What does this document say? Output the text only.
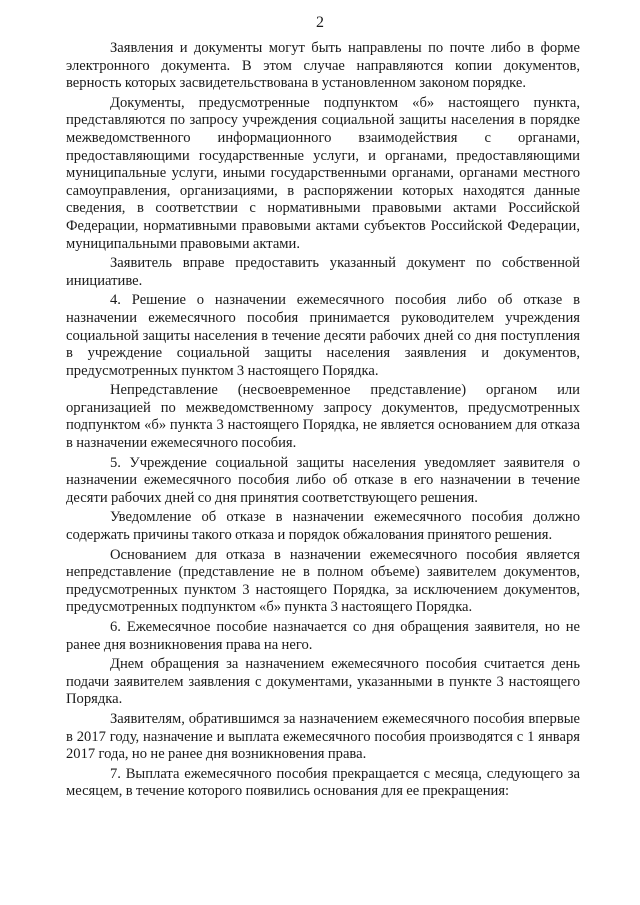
2

Заявления и документы могут быть направлены по почте либо в форме электронного документа. В этом случае направляются копии документов, верность которых засвидетельствована в установленном законом порядке.

Документы, предусмотренные подпунктом «б» настоящего пункта, представляются по запросу учреждения социальной защиты населения в порядке межведомственного информационного взаимодействия с органами, предоставляющими государственные услуги, и органами, предоставляющими муниципальные услуги, иными государственными органами, органами местного самоуправления, организациями, в распоряжении которых находятся данные сведения, в соответствии с нормативными правовыми актами Российской Федерации, нормативными правовыми актами субъектов Российской Федерации, муниципальными правовыми актами.

Заявитель вправе предоставить указанный документ по собственной инициативе.

4. Решение о назначении ежемесячного пособия либо об отказе в назначении ежемесячного пособия принимается руководителем учреждения социальной защиты населения в течение десяти рабочих дней со дня поступления в учреждение социальной защиты населения заявления и документов, предусмотренных пунктом 3 настоящего Порядка.

Непредставление (несвоевременное представление) органом или организацией по межведомственному запросу документов, предусмотренных подпунктом «б» пункта 3 настоящего Порядка, не является основанием для отказа в назначении ежемесячного пособия.

5. Учреждение социальной защиты населения уведомляет заявителя о назначении ежемесячного пособия либо об отказе в его назначении в течение десяти рабочих дней со дня принятия соответствующего решения.

Уведомление об отказе в назначении ежемесячного пособия должно содержать причины такого отказа и порядок обжалования принятого решения.

Основанием для отказа в назначении ежемесячного пособия является непредставление (представление не в полном объеме) заявителем документов, предусмотренных пунктом 3 настоящего Порядка, за исключением документов, предусмотренных подпунктом «б» пункта 3 настоящего Порядка.

6. Ежемесячное пособие назначается со дня обращения заявителя, но не ранее дня возникновения права на него.

Днем обращения за назначением ежемесячного пособия считается день подачи заявителем заявления с документами, указанными в пункте 3 настоящего Порядка.

Заявителям, обратившимся за назначением ежемесячного пособия впервые в 2017 году, назначение и выплата ежемесячного пособия производятся с 1 января 2017 года, но не ранее дня возникновения права.

7. Выплата ежемесячного пособия прекращается с месяца, следующего за месяцем, в течение которого появились основания для ее прекращения:
